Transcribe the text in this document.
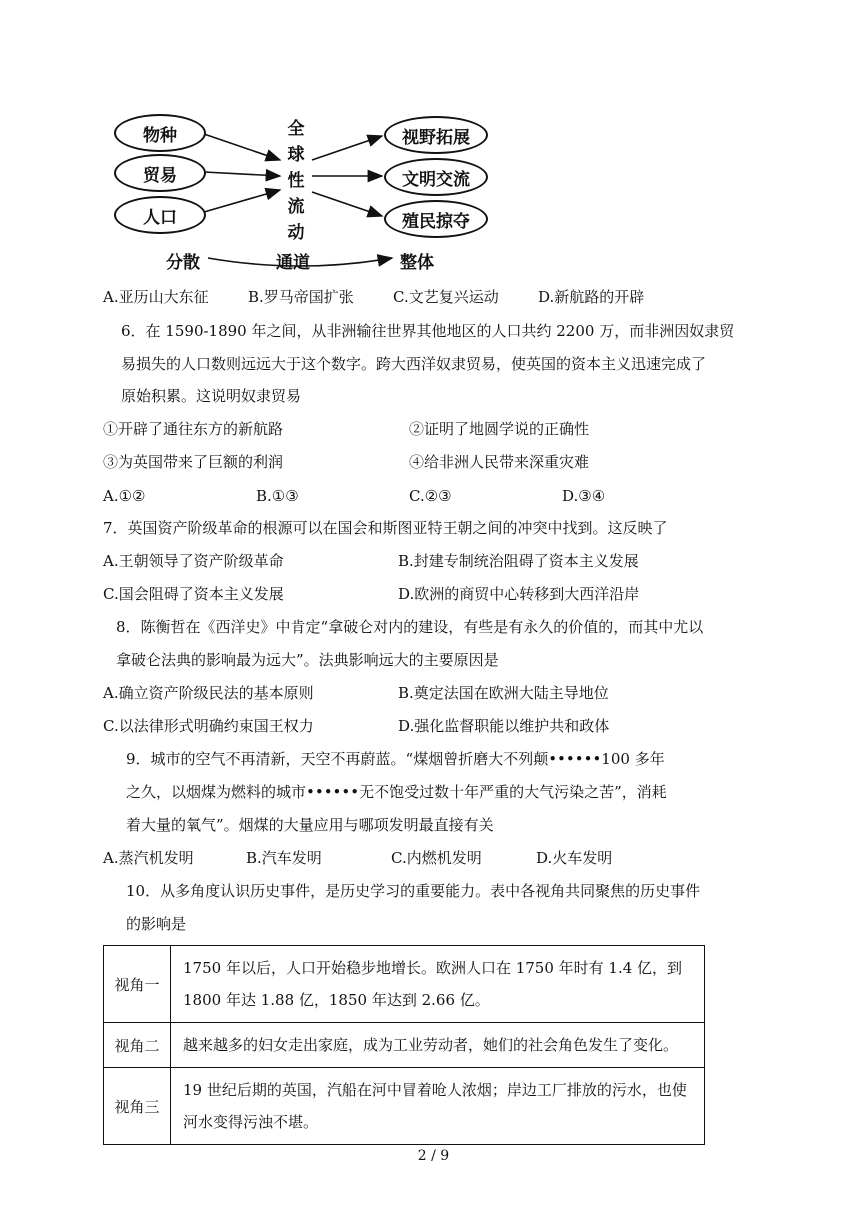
物种
贸易
人口
全
球
性
流
动
视野拓展
文明交流
殖民掠夺
分散	通道	整体
A.亚历山大东征	B.罗马帝国扩张	C.文艺复兴运动	D.新航路的开辟
6．在 1590-1890 年之间，从非洲输往世界其他地区的人口共约 2200 万，而非洲因奴隶贸
易损失的人口数则远远大于这个数字。跨大西洋奴隶贸易，使英国的资本主义迅速完成了
原始积累。这说明奴隶贸易
①开辟了通往东方的新航路	②证明了地圆学说的正确性
③为英国带来了巨额的利润	④给非洲人民带来深重灾难
A.①②	B.①③	C.②③	D.③④
7．英国资产阶级革命的根源可以在国会和斯图亚特王朝之间的冲突中找到。这反映了
A.王朝领导了资产阶级革命	B.封建专制统治阻碍了资本主义发展
C.国会阻碍了资本主义发展	D.欧洲的商贸中心转移到大西洋沿岸
8．陈衡哲在《西洋史》中肯定“拿破仑对内的建设，有些是有永久的价值的，而其中尤以
拿破仑法典的影响最为远大”。法典影响远大的主要原因是
A.确立资产阶级民法的基本原则	B.奠定法国在欧洲大陆主导地位
C.以法律形式明确约束国王权力	D.强化监督职能以维护共和政体
9．城市的空气不再清新，天空不再蔚蓝。“煤烟曾折磨大不列颠••••••100 多年
之久，以烟煤为燃料的城市••••••无不饱受过数十年严重的大气污染之苦”，消耗
着大量的氧气”。烟煤的大量应用与哪项发明最直接有关
A.蒸汽机发明	B.汽车发明	C.内燃机发明	D.火车发明
10．从多角度认识历史事件，是历史学习的重要能力。表中各视角共同聚焦的历史事件
的影响是
视角一	1750 年以后，人口开始稳步地增长。欧洲人口在 1750 年时有 1.4 亿，到
1800 年达 1.88 亿，1850 年达到 2.66 亿。

视角二	越来越多的妇女走出家庭，成为工业劳动者，她们的社会角色发生了变化。

视角三	19 世纪后期的英国，汽船在河中冒着呛人浓烟；岸边工厂排放的污水，也使
河水变得污浊不堪。
2 / 9
